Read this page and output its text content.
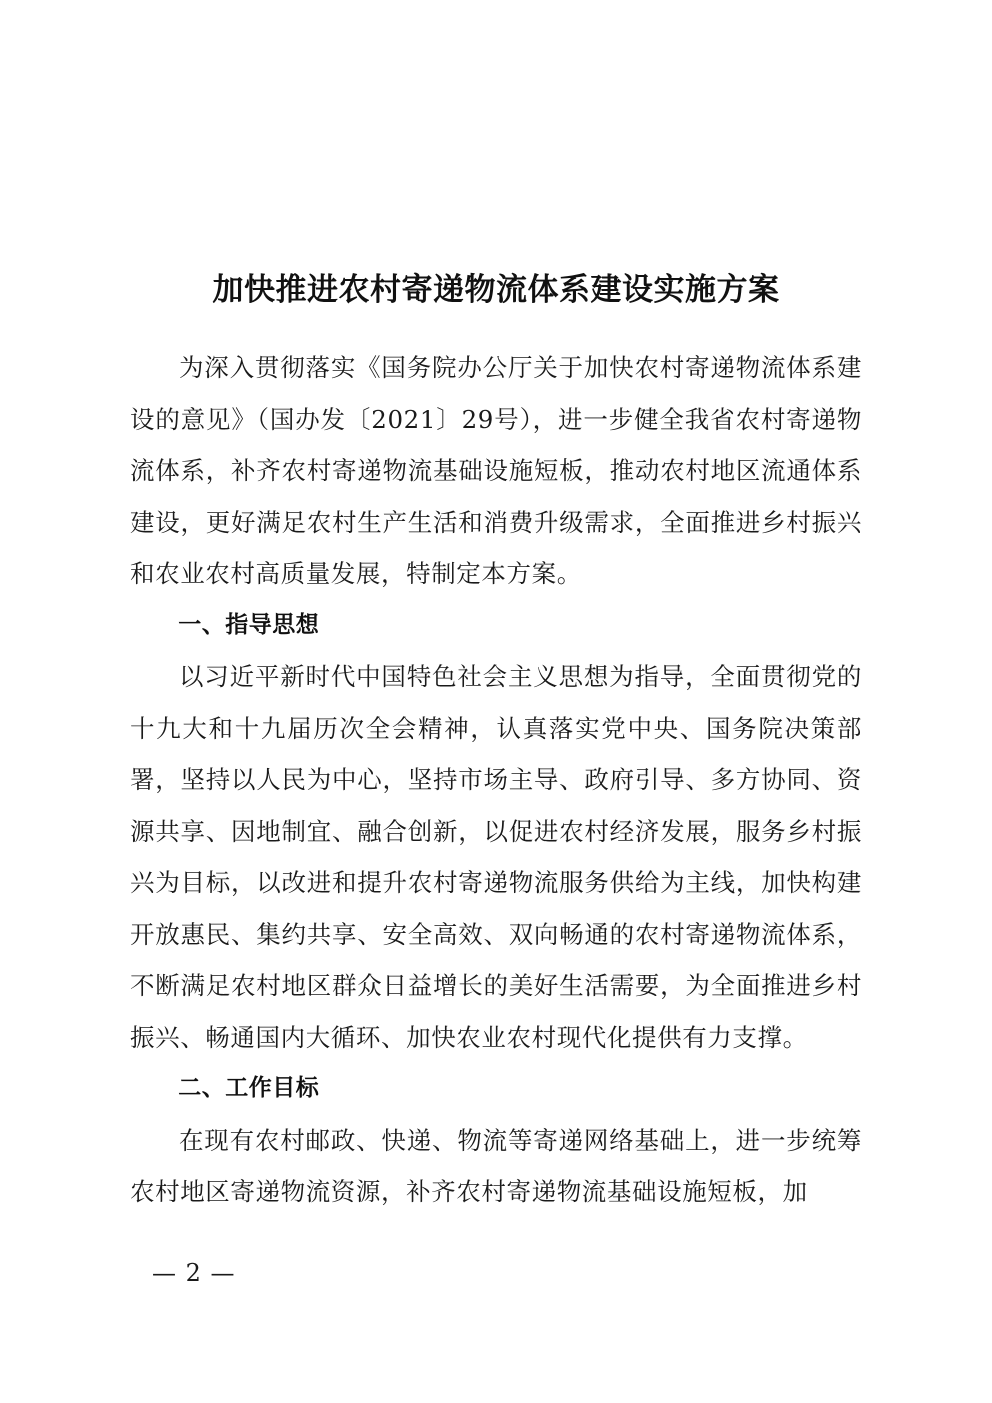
加快推进农村寄递物流体系建设实施方案

为深入贯彻落实《国务院办公厅关于加快农村寄递物流体系建设的意见》（国办发〔2021〕29号），进一步健全我省农村寄递物流体系，补齐农村寄递物流基础设施短板，推动农村地区流通体系建设，更好满足农村生产生活和消费升级需求，全面推进乡村振兴和农业农村高质量发展，特制定本方案。

一、指导思想

以习近平新时代中国特色社会主义思想为指导，全面贯彻党的十九大和十九届历次全会精神，认真落实党中央、国务院决策部署，坚持以人民为中心，坚持市场主导、政府引导、多方协同、资源共享、因地制宜、融合创新，以促进农村经济发展，服务乡村振兴为目标，以改进和提升农村寄递物流服务供给为主线，加快构建开放惠民、集约共享、安全高效、双向畅通的农村寄递物流体系，不断满足农村地区群众日益增长的美好生活需要，为全面推进乡村振兴、畅通国内大循环、加快农业农村现代化提供有力支撑。

二、工作目标

在现有农村邮政、快递、物流等寄递网络基础上，进一步统筹农村地区寄递物流资源，补齐农村寄递物流基础设施短板，加

— 2 —
